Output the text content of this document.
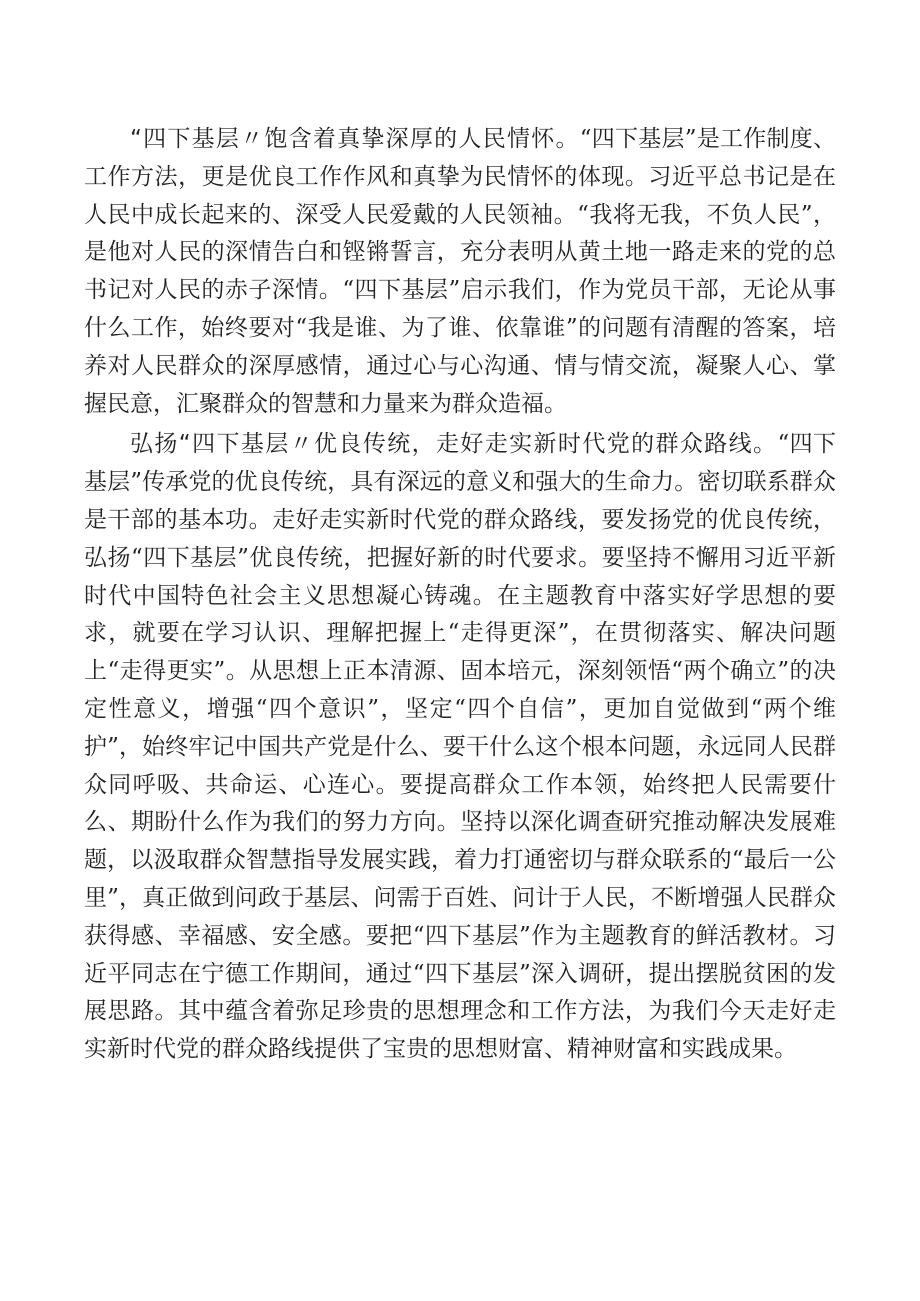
“四下基层〃饱含着真挚深厚的人民情怀。“四下基层”是工作制度、工作方法，更是优良工作作风和真挚为民情怀的体现。习近平总书记是在人民中成长起来的、深受人民爱戴的人民领袖。“我将无我，不负人民”，是他对人民的深情告白和铿锵誓言，充分表明从黄土地一路走来的党的总书记对人民的赤子深情。“四下基层”启示我们，作为党员干部，无论从事什么工作，始终要对“我是谁、为了谁、依靠谁”的问题有清醒的答案，培养对人民群众的深厚感情，通过心与心沟通、情与情交流，凝聚人心、掌握民意，汇聚群众的智慧和力量来为群众造福。

弘扬“四下基层〃优良传统，走好走实新时代党的群众路线。“四下基层”传承党的优良传统，具有深远的意义和强大的生命力。密切联系群众是干部的基本功。走好走实新时代党的群众路线，要发扬党的优良传统，弘扬“四下基层”优良传统，把握好新的时代要求。要坚持不懈用习近平新时代中国特色社会主义思想凝心铸魂。在主题教育中落实好学思想的要求，就要在学习认识、理解把握上“走得更深”，在贯彻落实、解决问题上“走得更实”。从思想上正本清源、固本培元，深刻领悟“两个确立”的决定性意义，增强“四个意识”，坚定“四个自信”，更加自觉做到“两个维护”，始终牢记中国共产党是什么、要干什么这个根本问题，永远同人民群众同呼吸、共命运、心连心。要提高群众工作本领，始终把人民需要什么、期盼什么作为我们的努力方向。坚持以深化调查研究推动解决发展难题，以汲取群众智慧指导发展实践，着力打通密切与群众联系的“最后一公里”，真正做到问政于基层、问需于百姓、问计于人民，不断增强人民群众获得感、幸福感、安全感。要把“四下基层”作为主题教育的鲜活教材。习近平同志在宁德工作期间，通过“四下基层”深入调研，提出摆脱贫困的发展思路。其中蕴含着弥足珍贵的思想理念和工作方法，为我们今天走好走实新时代党的群众路线提供了宝贵的思想财富、精神财富和实践成果。
